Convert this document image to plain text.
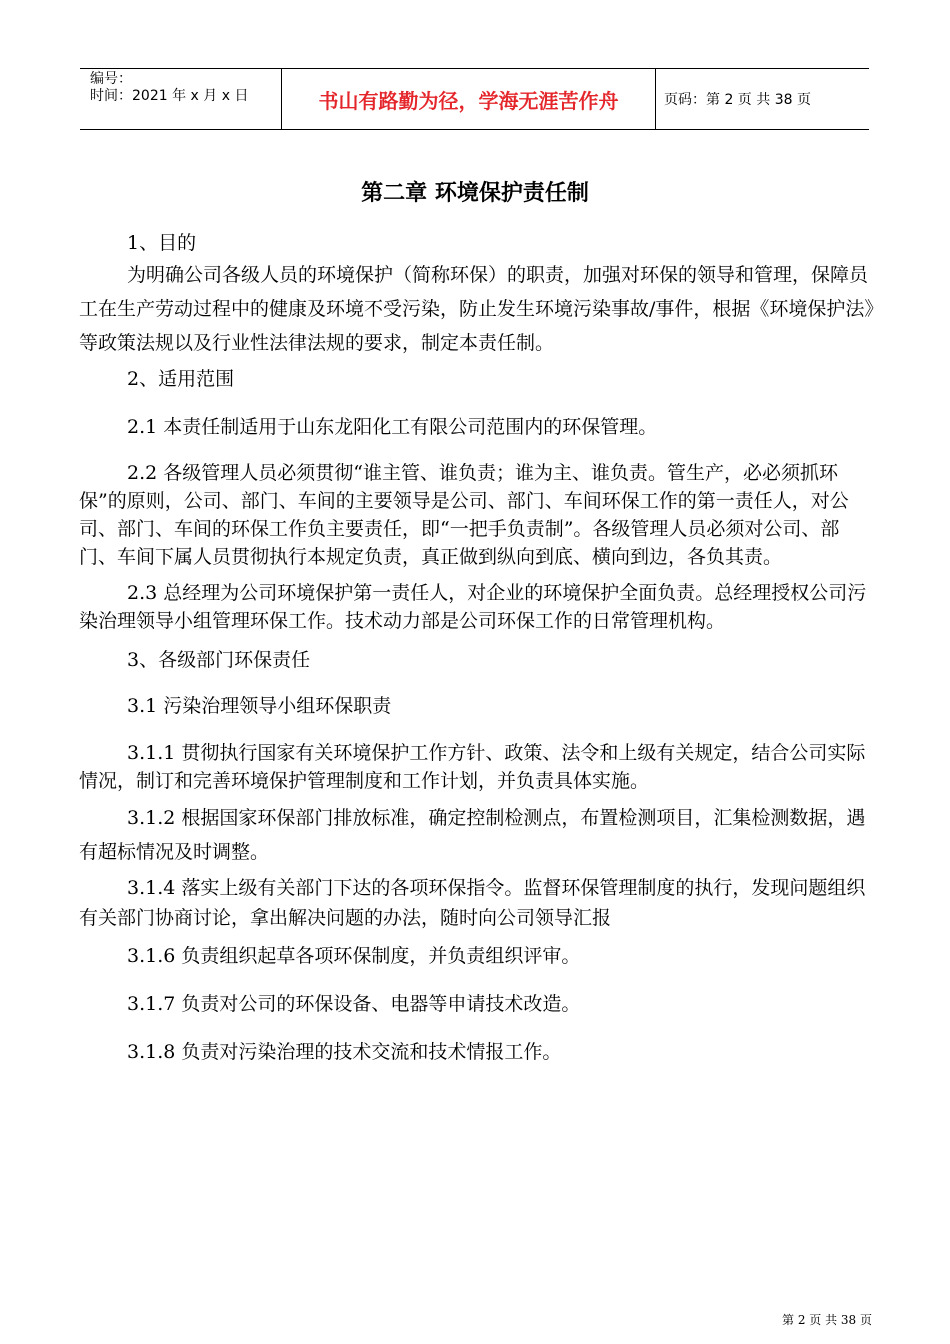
编号：
时间：2021 年 x 月 x 日	书山有路勤为径，学海无涯苦作舟	页码：第 2 页 共 38 页
第二章 环境保护责任制

1、目的

为明确公司各级人员的环境保护（简称环保）的职责，加强对环保的领导和管理，保障员工在生产劳动过程中的健康及环境不受污染，防止发生环境污染事故/事件，根据《环境保护法》等政策法规以及行业性法律法规的要求，制定本责任制。

2、适用范围

2.1 本责任制适用于山东龙阳化工有限公司范围内的环保管理。

2.2 各级管理人员必须贯彻“谁主管、谁负责；谁为主、谁负责。管生产，必必须抓环保”的原则，公司、部门、车间的主要领导是公司、部门、车间环保工作的第一责任人，对公司、部门、车间的环保工作负主要责任，即“一把手负责制”。各级管理人员必须对公司、部门、车间下属人员贯彻执行本规定负责，真正做到纵向到底、横向到边，各负其责。

2.3 总经理为公司环境保护第一责任人，对企业的环境保护全面负责。总经理授权公司污染治理领导小组管理环保工作。技术动力部是公司环保工作的日常管理机构。

3、各级部门环保责任

3.1 污染治理领导小组环保职责

3.1.1 贯彻执行国家有关环境保护工作方针、政策、法令和上级有关规定，结合公司实际情况，制订和完善环境保护管理制度和工作计划，并负责具体实施。

3.1.2 根据国家环保部门排放标准，确定控制检测点，布置检测项目，汇集检测数据，遇有超标情况及时调整。

3.1.4 落实上级有关部门下达的各项环保指令。监督环保管理制度的执行，发现问题组织有关部门协商讨论，拿出解决问题的办法，随时向公司领导汇报

3.1.6 负责组织起草各项环保制度，并负责组织评审。

3.1.7 负责对公司的环保设备、电器等申请技术改造。

3.1.8 负责对污染治理的技术交流和技术情报工作。

第 2 页 共 38 页
